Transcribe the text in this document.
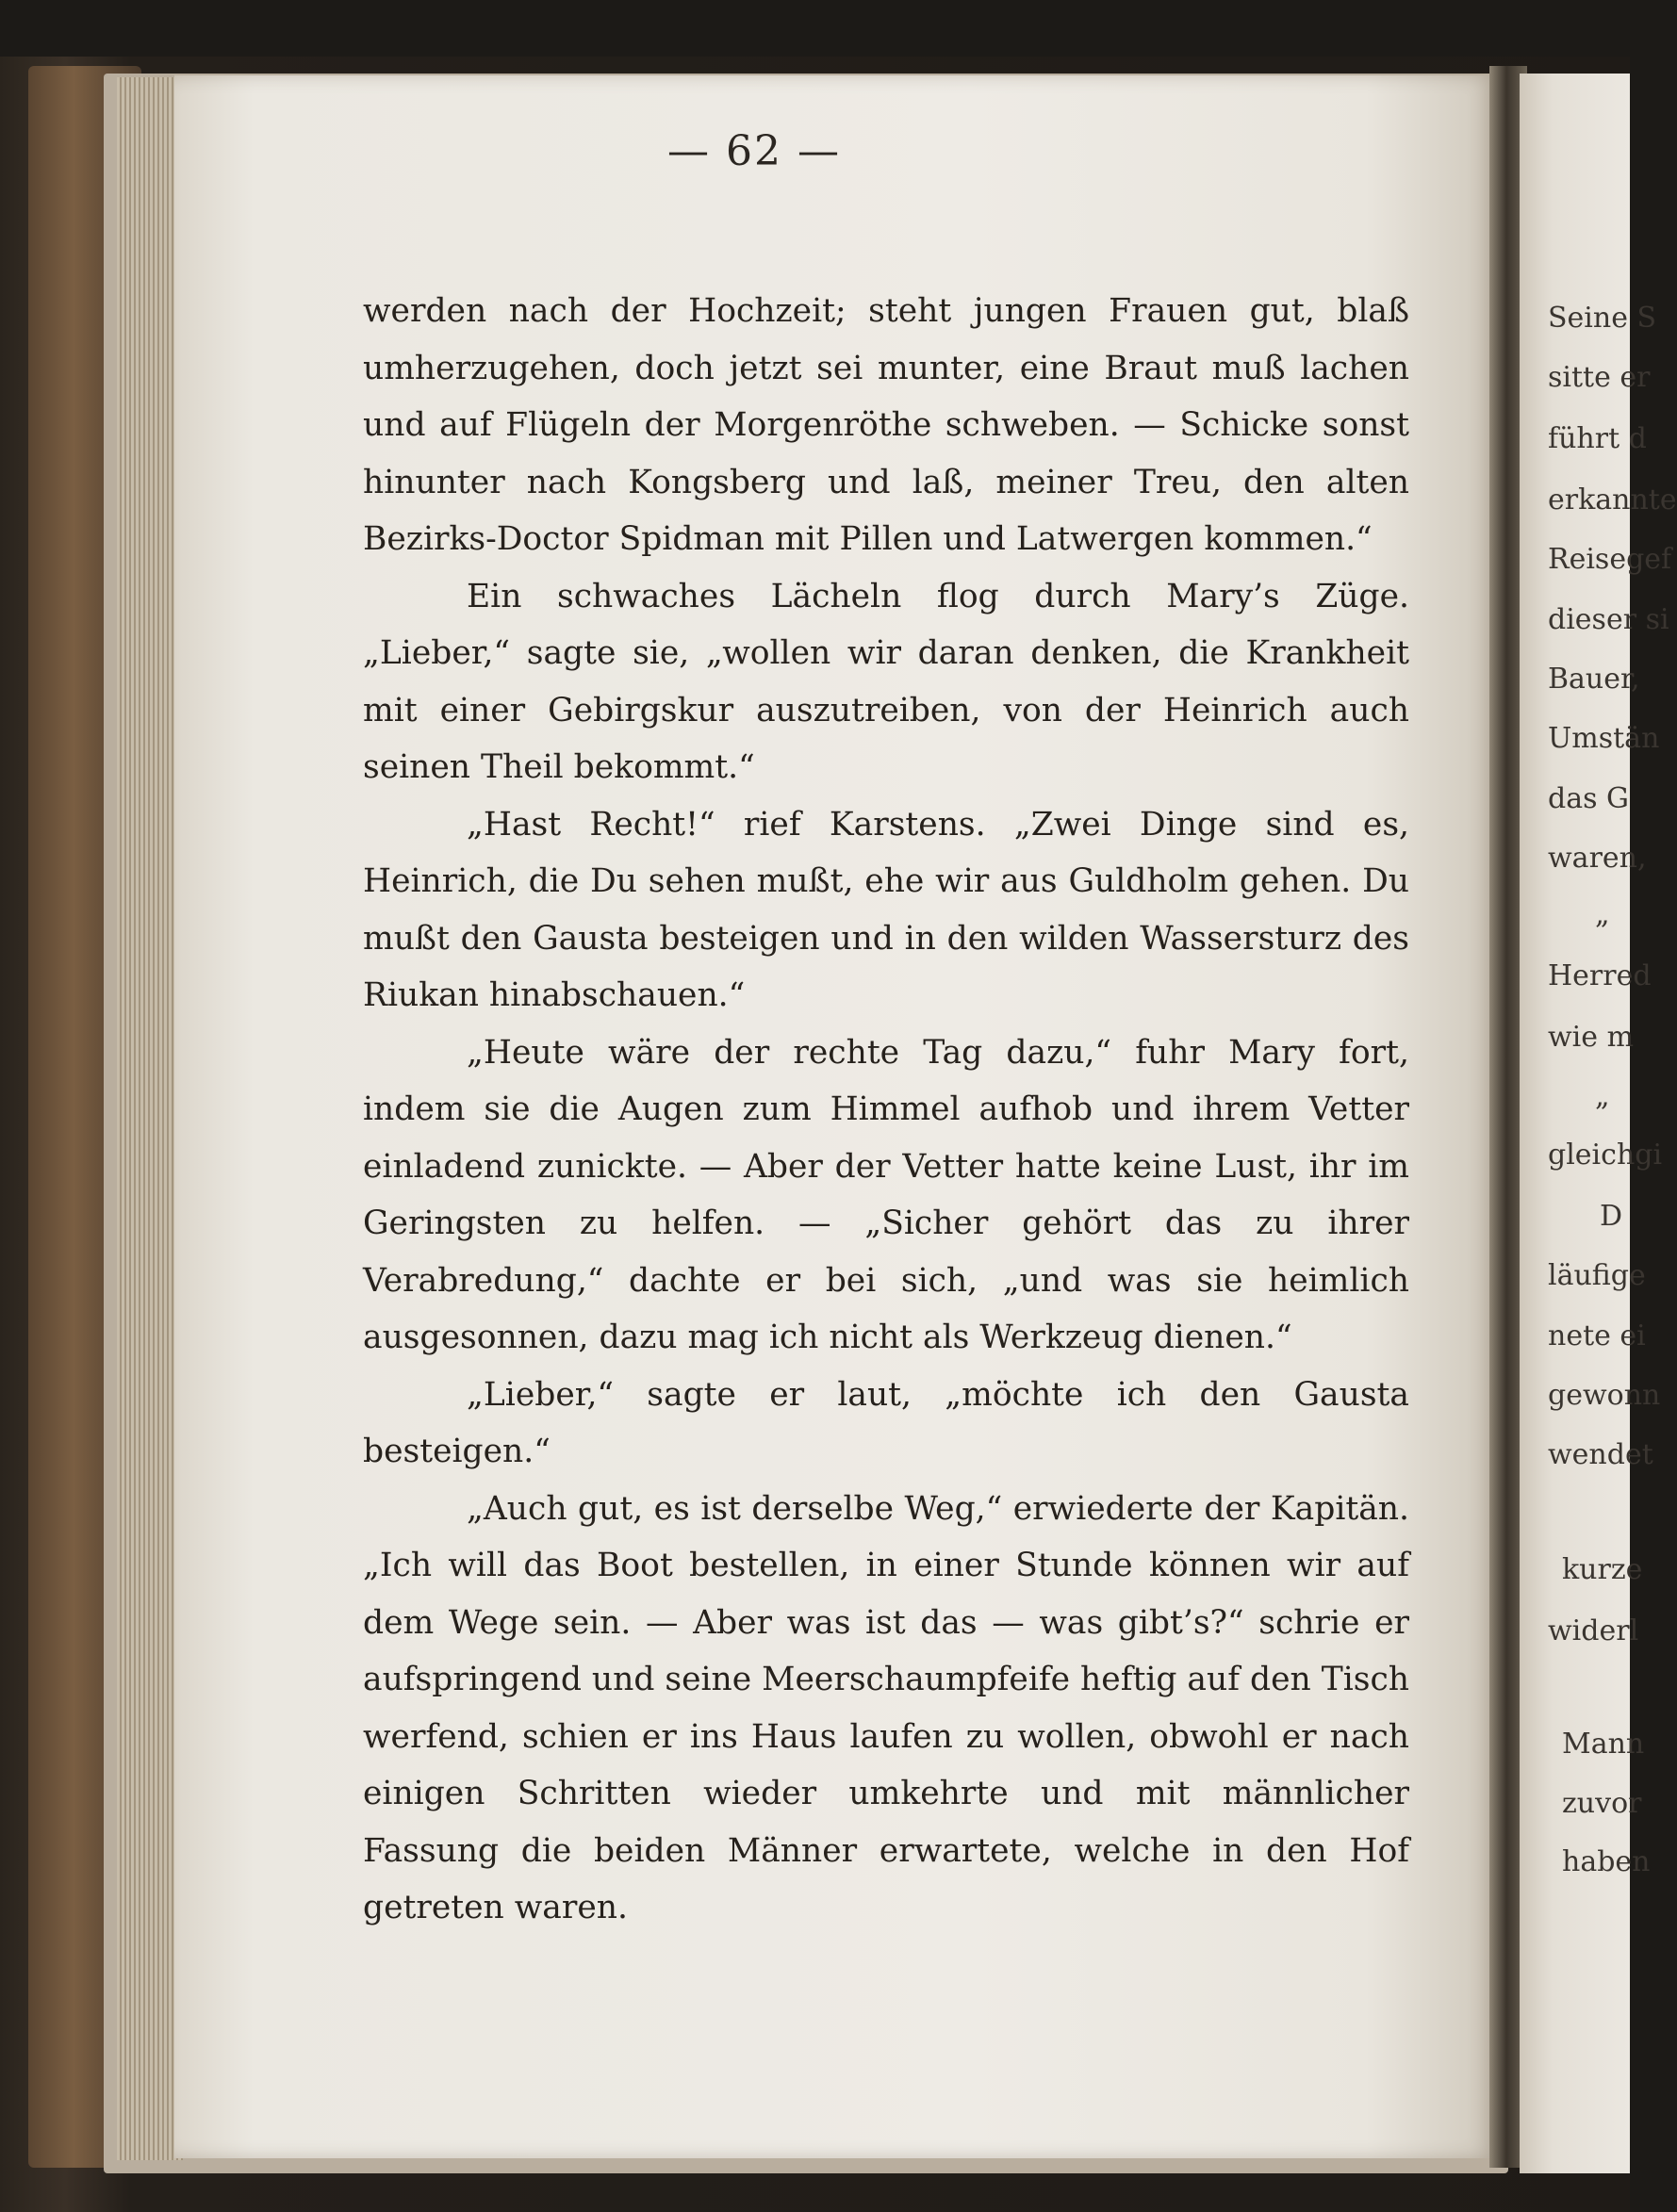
— 62 —

werden nach der Hochzeit; steht jungen Frauen gut, blaß umherzugehen, doch jetzt sei munter, eine Braut muß lachen und auf Flügeln der Morgenröthe schweben. — Schicke sonst hinunter nach Kongsberg und laß, meiner Treu, den alten Bezirks-Doctor Spidman mit Pillen und Latwergen kommen.“

Ein schwaches Lächeln flog durch Mary’s Züge. „Lieber,“ sagte sie, „wollen wir daran denken, die Krankheit mit einer Gebirgskur auszutreiben, von der Heinrich auch seinen Theil bekommt.“

„Hast Recht!“ rief Karstens. „Zwei Dinge sind es, Heinrich, die Du sehen mußt, ehe wir aus Guldholm gehen. Du mußt den Gausta besteigen und in den wilden Wassersturz des Riukan hinabschauen.“

„Heute wäre der rechte Tag dazu,“ fuhr Mary fort, indem sie die Augen zum Himmel aufhob und ihrem Vetter einladend zunickte. — Aber der Vetter hatte keine Lust, ihr im Geringsten zu helfen. — „Sicher gehört das zu ihrer Verabredung,“ dachte er bei sich, „und was sie heimlich ausgesonnen, dazu mag ich nicht als Werkzeug dienen.“

„Lieber,“ sagte er laut, „möchte ich den Gausta besteigen.“

„Auch gut, es ist derselbe Weg,“ erwiederte der Kapitän. „Ich will das Boot bestellen, in einer Stunde können wir auf dem Wege sein. — Aber was ist das — was gibt’s?“ schrie er aufspringend und seine Meerschaumpfeife heftig auf den Tisch werfend, schien er ins Haus laufen zu wollen, obwohl er nach einigen Schritten wieder umkehrte und mit männlicher Fassung die beiden Männer erwartete, welche in den Hof getreten waren.

Seine S
sitte er
führt d
erkannte
Reisegef
dieser si
Bauer,
Umstän
das G
waren,
„
Herred
wie m
„
gleichgi
D
läufige
nete ei
gewonn
wendet
kurze
widerl
Mann
zuvor
haben
